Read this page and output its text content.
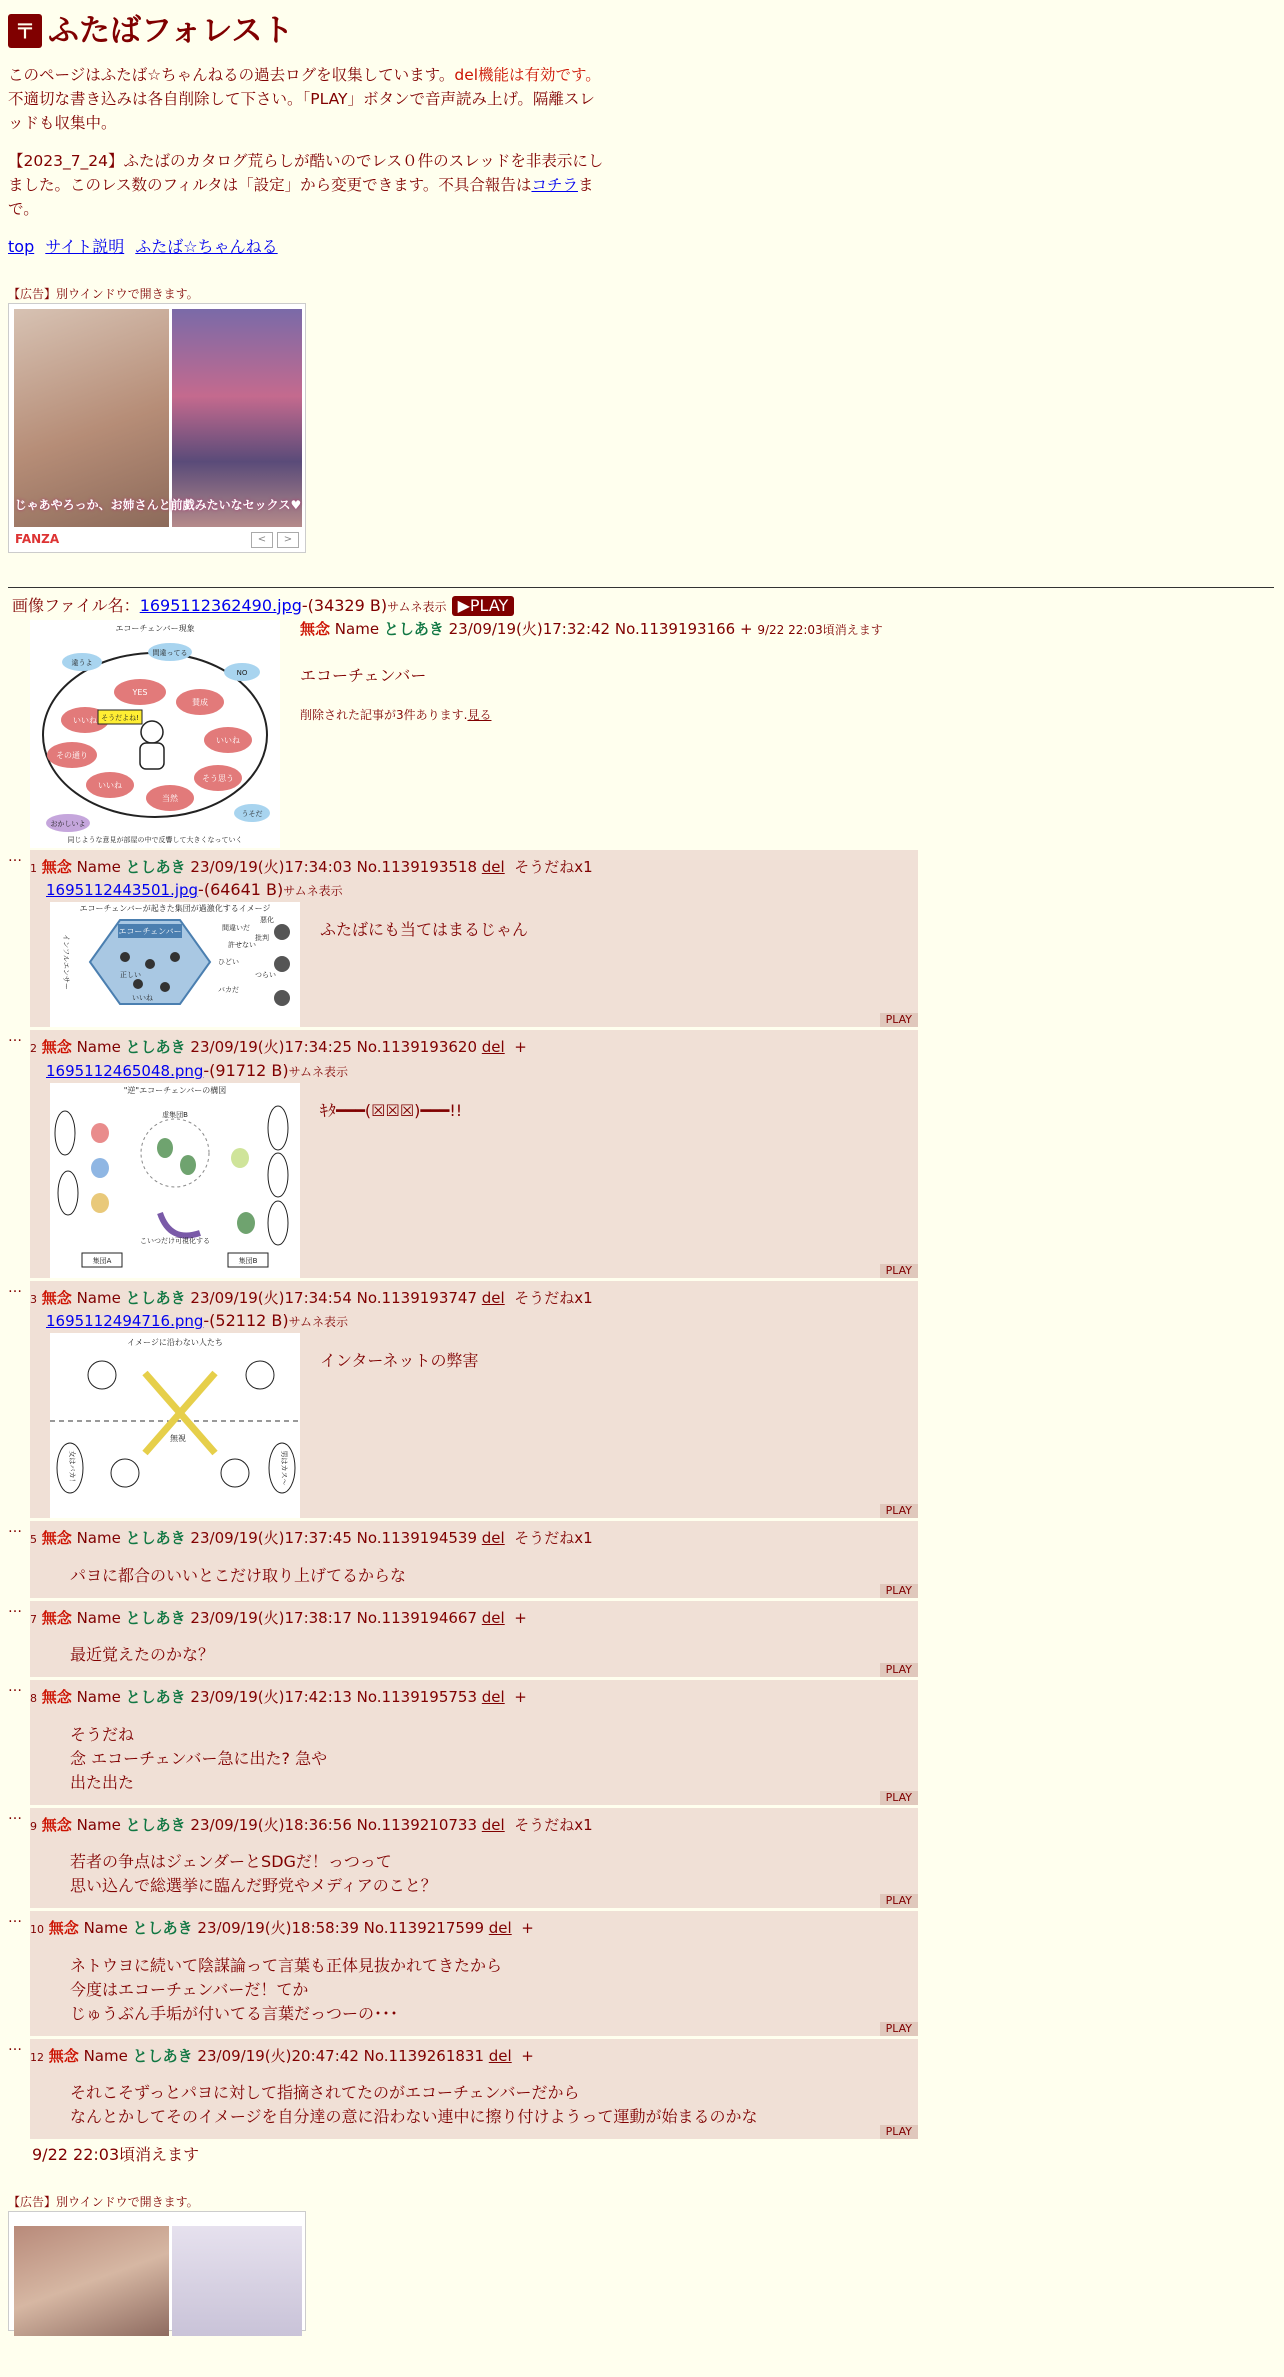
〒 ふたばフォレスト
このページはふたば☆ちゃんねるの過去ログを収集しています。del機能は有効です。不適切な書き込みは各自削除して下さい。「PLAY」ボタンで音声読み上げ。隔離スレッドも収集中。
【2023_7_24】ふたばのカタログ荒らしが酷いのでレス０件のスレッドを非表示にしました。このレス数のフィルタは「設定」から変更できます。不具合報告はコチラまで。
top サイト説明 ふたば☆ちゃんねる
【広告】別ウインドウで開きます。
じゃあやろっか、お姉さんと前戯みたいなセックス♥
FANZA	<	>
画像ファイル名：1695112362490.jpg-(34329 B)サムネ表示 ▶PLAY
エコーチェンバー現象
YES
賛成
いいね
いいね
その通り
そう思う
いいね
当然
そうだよね!
違うよ
間違ってる
NO
うそだ
おかしいよ
同じような意見が部屋の中で反響して大きくなっていく
無念 Name としあき 23/09/19(火)17:32:42 No.1139193166 + 9/22 22:03頃消えます
エコーチェンバー
削除された記事が3件あります.見る
…
1 無念 Name としあき 23/09/19(火)17:34:03 No.1139193518 del そうだねx1
1695112443501.jpg-(64641 B)サムネ表示
エコーチェンバーが起きた集団が過激化するイメージ
エコーチェンバー
インフルエンサー
間違いだ
許せない
ひどい
悪化
批判
つらい
バカだ
いいね
正しい
ふたばにも当てはまるじゃん
PLAY
…
2 無念 Name としあき 23/09/19(火)17:34:25 No.1139193620 del +
1695112465048.png-(91712 B)サムネ表示
"逆"エコーチェンバーの構図
虚集団B
こいつだけ可視化する
集団A	集団B
ｷﾀ━━━(☒☒☒)━━━!!
PLAY
…
3 無念 Name としあき 23/09/19(火)17:34:54 No.1139193747 del そうだねx1
1695112494716.png-(52112 B)サムネ表示
イメージに沿わない人たち
無視
女はバカ！	男はカス～
インターネットの弊害
PLAY
…
5 無念 Name としあき 23/09/19(火)17:37:45 No.1139194539 del そうだねx1
パヨに都合のいいとこだけ取り上げてるからな
PLAY
…
7 無念 Name としあき 23/09/19(火)17:38:17 No.1139194667 del +
最近覚えたのかな？
PLAY
…
8 無念 Name としあき 23/09/19(火)17:42:13 No.1139195753 del +
そうだね
念 エコーチェンバー急に出た? 急や
出た出た
PLAY
…
9 無念 Name としあき 23/09/19(火)18:36:56 No.1139210733 del そうだねx1
若者の争点はジェンダーとSDGだ！っつって
思い込んで総選挙に臨んだ野党やメディアのこと？
PLAY
…
10 無念 Name としあき 23/09/19(火)18:58:39 No.1139217599 del +
ネトウヨに続いて陰謀論って言葉も正体見抜かれてきたから
今度はエコーチェンバーだ！てか
じゅうぶん手垢が付いてる言葉だっつーの･･･
PLAY
…
12 無念 Name としあき 23/09/19(火)20:47:42 No.1139261831 del +
それこそずっとパヨに対して指摘されてたのがエコーチェンバーだから
なんとかしてそのイメージを自分達の意に沿わない連中に擦り付けようって運動が始まるのかな
PLAY
9/22 22:03頃消えます
【広告】別ウインドウで開きます。
